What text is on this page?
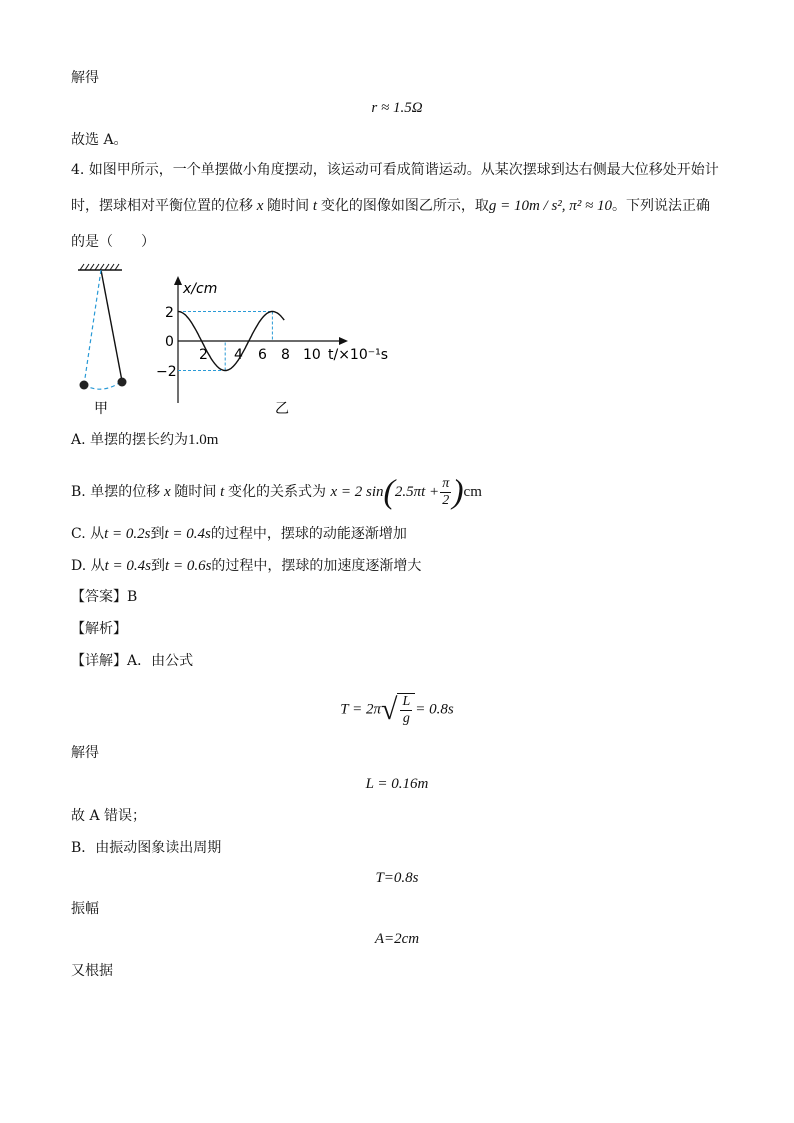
解得
r ≈ 1.5Ω
故选 A。
4. 如图甲所示，一个单摆做小角度摆动，该运动可看成简谐运动。从某次摆球到达右侧最大位移处开始计
时，摆球相对平衡位置的位移 x 随时间 t 变化的图像如图乙所示，取g = 10m / s², π² ≈ 10。下列说法正确
的是（　　）
甲
x/cm
t/×10⁻¹s
2
0
−2
2 4 6 8 10
乙
A. 单摆的摆长约为1.0m
B. 单摆的位移 x 随时间 t 变化的关系式为 x = 2 $\sin(2.5\pi t + \frac{\pi}{2} )cm$
C. 从t = 0.2s到t = 0.4s的过程中，摆球的动能逐渐增加
D. 从t = 0.4s到t = 0.6s的过程中，摆球的加速度逐渐增大
【答案】B
【解析】
【详解】A．由公式
T = 2π √ $\frac{L}{g} = 0.8s$
解得
L = 0.16m
故 A 错误；
B．由振动图象读出周期
T=0.8s
振幅
A=2cm
又根据
